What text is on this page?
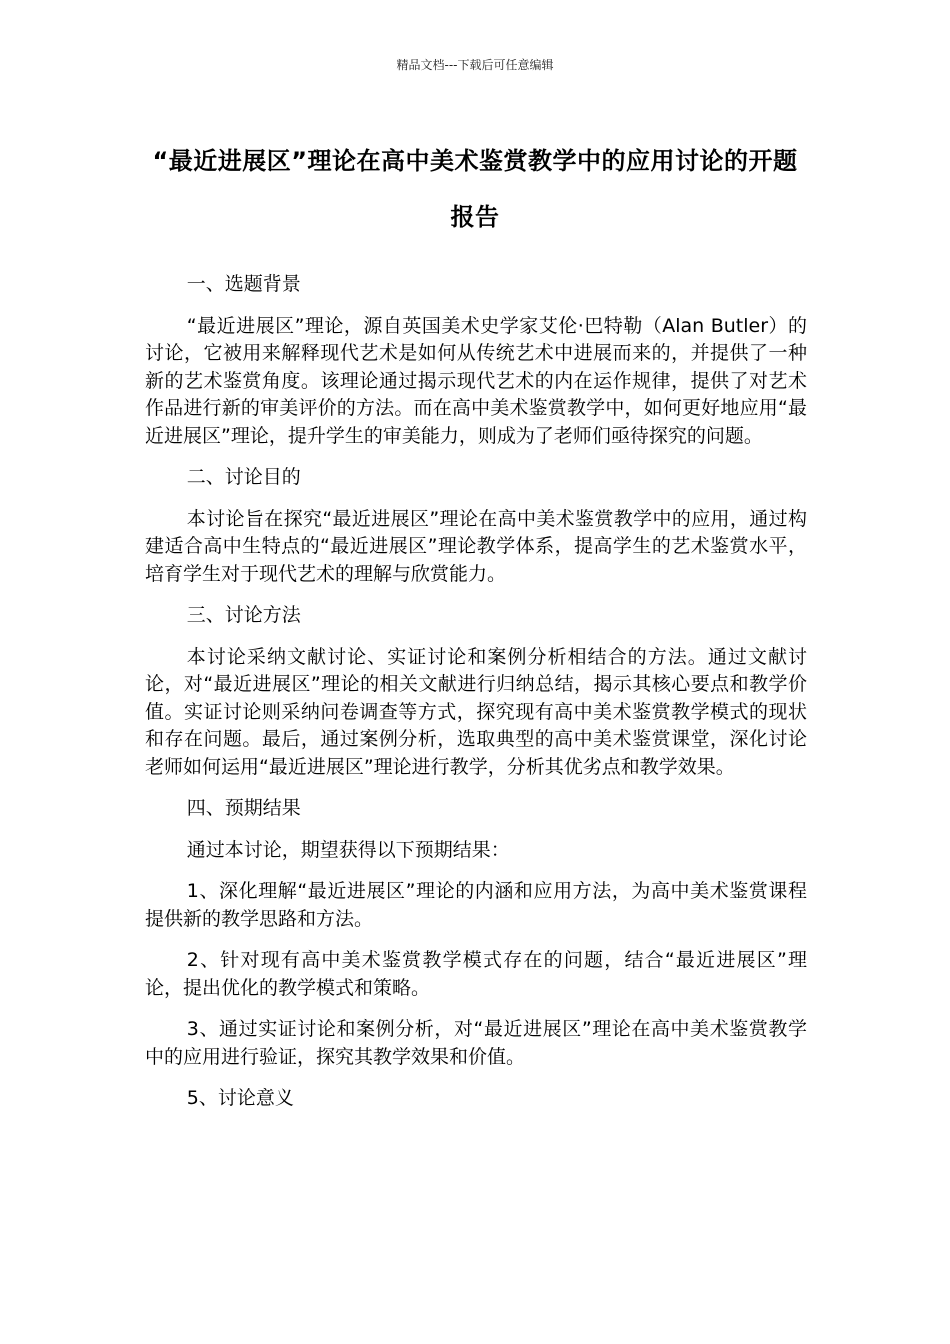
精品文档---下载后可任意编辑
“最近进展区”理论在高中美术鉴赏教学中的应用讨论的开题报告

一、选题背景

“最近进展区”理论，源自英国美术史学家艾伦·巴特勒（Alan Butler）的讨论，它被用来解释现代艺术是如何从传统艺术中进展而来的，并提供了一种新的艺术鉴赏角度。该理论通过揭示现代艺术的内在运作规律，提供了对艺术作品进行新的审美评价的方法。而在高中美术鉴赏教学中，如何更好地应用“最近进展区”理论，提升学生的审美能力，则成为了老师们亟待探究的问题。

二、讨论目的

本讨论旨在探究“最近进展区”理论在高中美术鉴赏教学中的应用，通过构建适合高中生特点的“最近进展区”理论教学体系，提高学生的艺术鉴赏水平，培育学生对于现代艺术的理解与欣赏能力。

三、讨论方法

本讨论采纳文献讨论、实证讨论和案例分析相结合的方法。通过文献讨论，对“最近进展区”理论的相关文献进行归纳总结，揭示其核心要点和教学价值。实证讨论则采纳问卷调查等方式，探究现有高中美术鉴赏教学模式的现状和存在问题。最后，通过案例分析，选取典型的高中美术鉴赏课堂，深化讨论老师如何运用“最近进展区”理论进行教学，分析其优劣点和教学效果。

四、预期结果

通过本讨论，期望获得以下预期结果：

1、深化理解“最近进展区”理论的内涵和应用方法，为高中美术鉴赏课程提供新的教学思路和方法。

2、针对现有高中美术鉴赏教学模式存在的问题，结合“最近进展区”理论，提出优化的教学模式和策略。

3、通过实证讨论和案例分析，对“最近进展区”理论在高中美术鉴赏教学中的应用进行验证，探究其教学效果和价值。

5、讨论意义
